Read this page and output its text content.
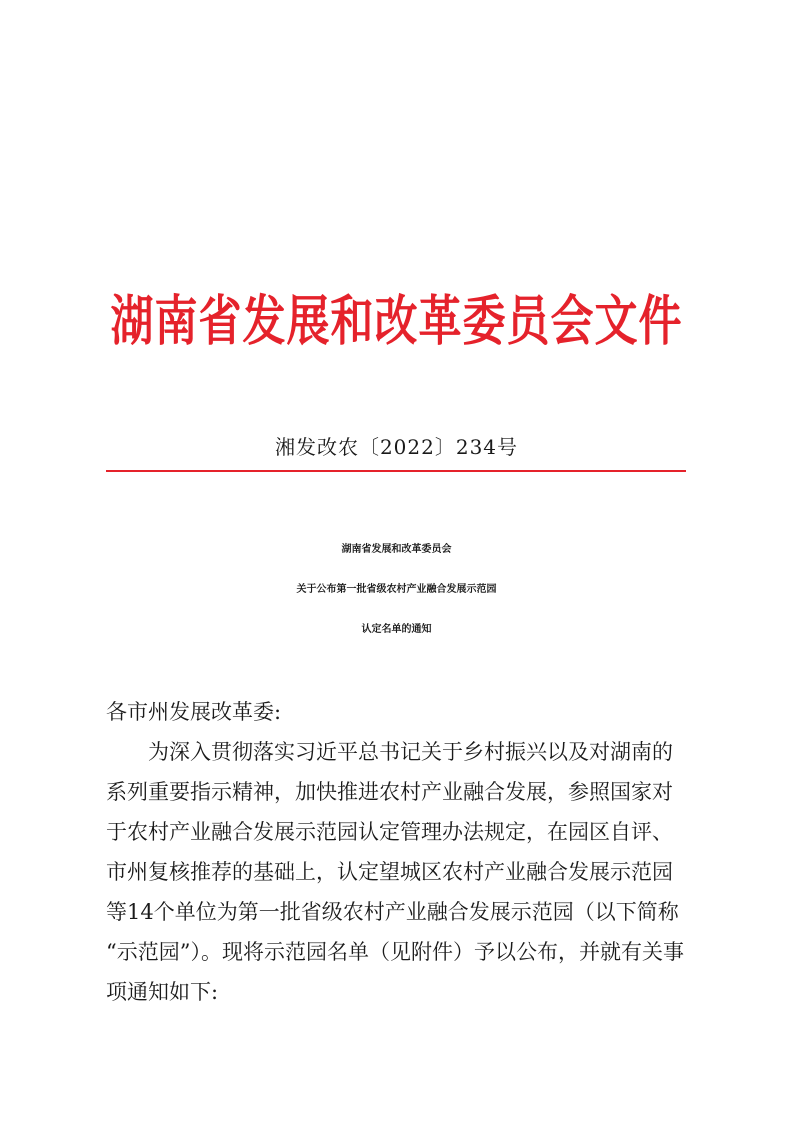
湖南省发展和改革委员会文件
湘发改农〔2022〕234号
湖南省发展和改革委员会
关于公布第一批省级农村产业融合发展示范园
认定名单的通知
各市州发展改革委:
为深入贯彻落实习近平总书记关于乡村振兴以及对湖南的
系列重要指示精神，加快推进农村产业融合发展，参照国家对
于农村产业融合发展示范园认定管理办法规定，在园区自评、
市州复核推荐的基础上，认定望城区农村产业融合发展示范园
等14个单位为第一批省级农村产业融合发展示范园（以下简称
“示范园”）。现将示范园名单（见附件）予以公布，并就有关事
项通知如下:
